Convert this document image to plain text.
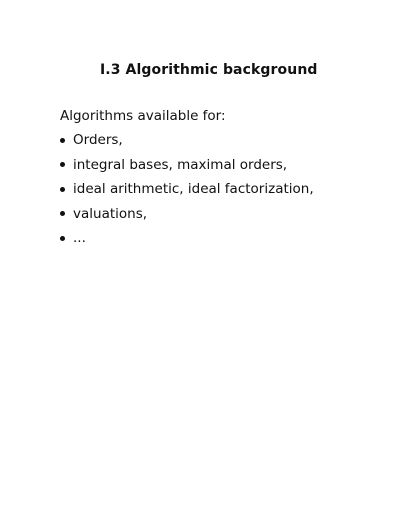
I.3 Algorithmic background
Algorithms available for:
Orders,
integral bases, maximal orders,
ideal arithmetic, ideal factorization,
valuations,
...
